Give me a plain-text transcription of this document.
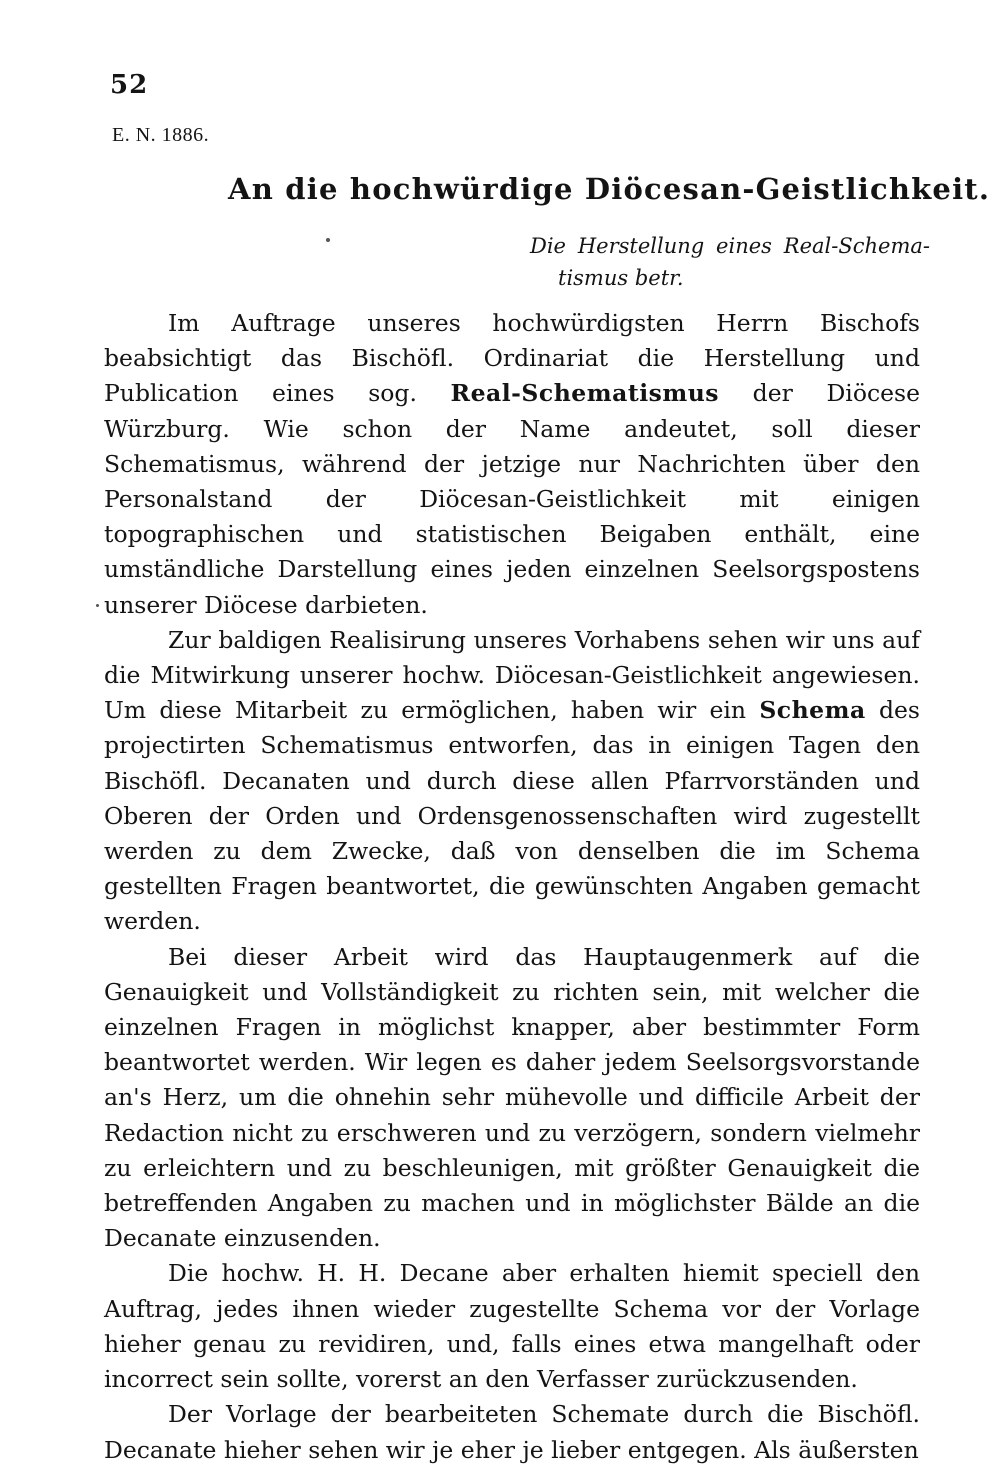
52
E. N. 1886.
An die hochwürdige Diöcesan-Geistlichkeit.
Die Herstellung eines Real-Schema-
tismus betr.

Im Auftrage unseres hochwürdigsten Herrn Bischofs beabsichtigt das Bischöfl. Ordinariat die Herstellung und Publication eines sog. Real-Schematismus der Diöcese Würzburg. Wie schon der Name andeutet, soll dieser Schematismus, während der jetzige nur Nachrichten über den Personalstand der Diöcesan-Geistlichkeit mit einigen topographischen und statistischen Beigaben enthält, eine umständliche Darstellung eines jeden einzelnen Seelsorgspostens unserer Diöcese darbieten.

Zur baldigen Realisirung unseres Vorhabens sehen wir uns auf die Mitwirkung unserer hochw. Diöcesan-Geistlichkeit angewiesen. Um diese Mitarbeit zu ermöglichen, haben wir ein Schema des projectirten Schematismus entworfen, das in einigen Tagen den Bischöfl. Decanaten und durch diese allen Pfarrvorständen und Oberen der Orden und Ordensgenossenschaften wird zugestellt werden zu dem Zwecke, daß von denselben die im Schema gestellten Fragen beantwortet, die gewünschten Angaben gemacht werden.

Bei dieser Arbeit wird das Hauptaugenmerk auf die Genauigkeit und Vollständigkeit zu richten sein, mit welcher die einzelnen Fragen in möglichst knapper, aber bestimmter Form beantwortet werden. Wir legen es daher jedem Seelsorgsvorstande an's Herz, um die ohnehin sehr mühevolle und difficile Arbeit der Redaction nicht zu erschweren und zu verzögern, sondern vielmehr zu erleichtern und zu beschleunigen, mit größter Genauigkeit die betreffenden Angaben zu machen und in möglichster Bälde an die Decanate einzusenden.

Die hochw. H. H. Decane aber erhalten hiemit speciell den Auftrag, jedes ihnen wieder zugestellte Schema vor der Vorlage hieher genau zu revidiren, und, falls eines etwa mangelhaft oder incorrect sein sollte, vorerst an den Verfasser zurückzusenden.

Der Vorlage der bearbeiteten Schemate durch die Bischöfl. Decanate hieher sehen wir je eher je lieber entgegen. Als äußersten
